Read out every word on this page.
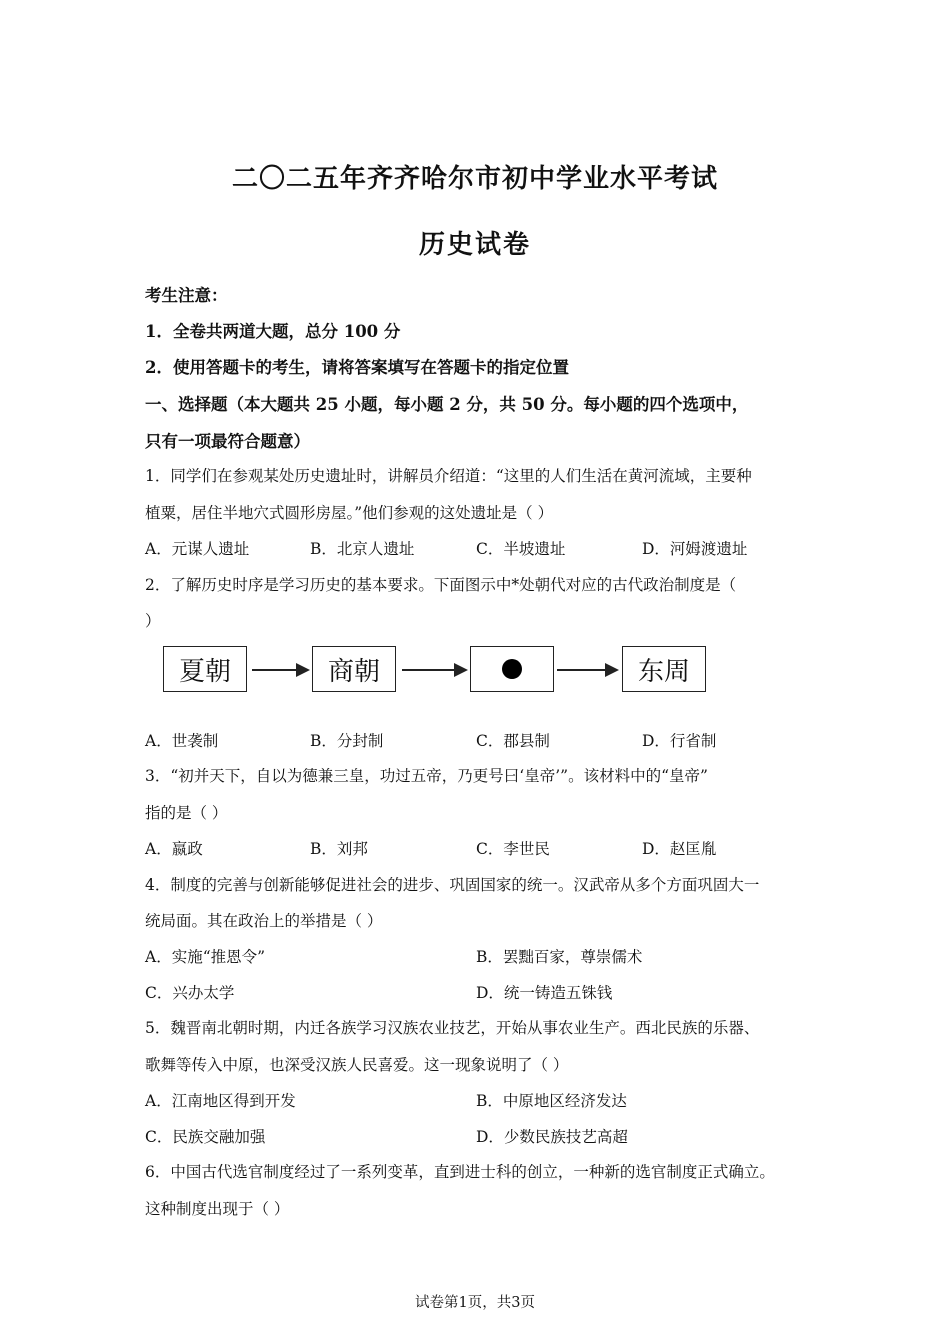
二〇二五年齐齐哈尔市初中学业水平考试
历史试卷
考生注意：
1．全卷共两道大题，总分 100 分
2．使用答题卡的考生，请将答案填写在答题卡的指定位置
一、选择题（本大题共 25 小题，每小题 2 分，共 50 分。每小题的四个选项中，
只有一项最符合题意）
1．同学们在参观某处历史遗址时，讲解员介绍道：“这里的人们生活在黄河流域，主要种
植粟，居住半地穴式圆形房屋。”他们参观的这处遗址是（ ）
A．元谋人遗址	B．北京人遗址	C．半坡遗址	D．河姆渡遗址
2．了解历史时序是学习历史的基本要求。下面图示中*处朝代对应的古代政治制度是（
）
夏朝	商朝	东周
A．世袭制	B．分封制	C．郡县制	D．行省制
3．“初并天下，自以为德兼三皇，功过五帝，乃更号曰‘皇帝’”。该材料中的“皇帝”
指的是（ ）
A．嬴政	B．刘邦	C．李世民	D．赵匡胤
4．制度的完善与创新能够促进社会的进步、巩固国家的统一。汉武帝从多个方面巩固大一
统局面。其在政治上的举措是（ ）
A．实施“推恩令”	B．罢黜百家，尊崇儒术
C．兴办太学	D．统一铸造五铢钱
5．魏晋南北朝时期，内迁各族学习汉族农业技艺，开始从事农业生产。西北民族的乐器、
歌舞等传入中原，也深受汉族人民喜爱。这一现象说明了（ ）
A．江南地区得到开发	B．中原地区经济发达
C．民族交融加强	D．少数民族技艺高超
6．中国古代选官制度经过了一系列变革，直到进士科的创立，一种新的选官制度正式确立。
这种制度出现于（ ）
试卷第1页，共3页
